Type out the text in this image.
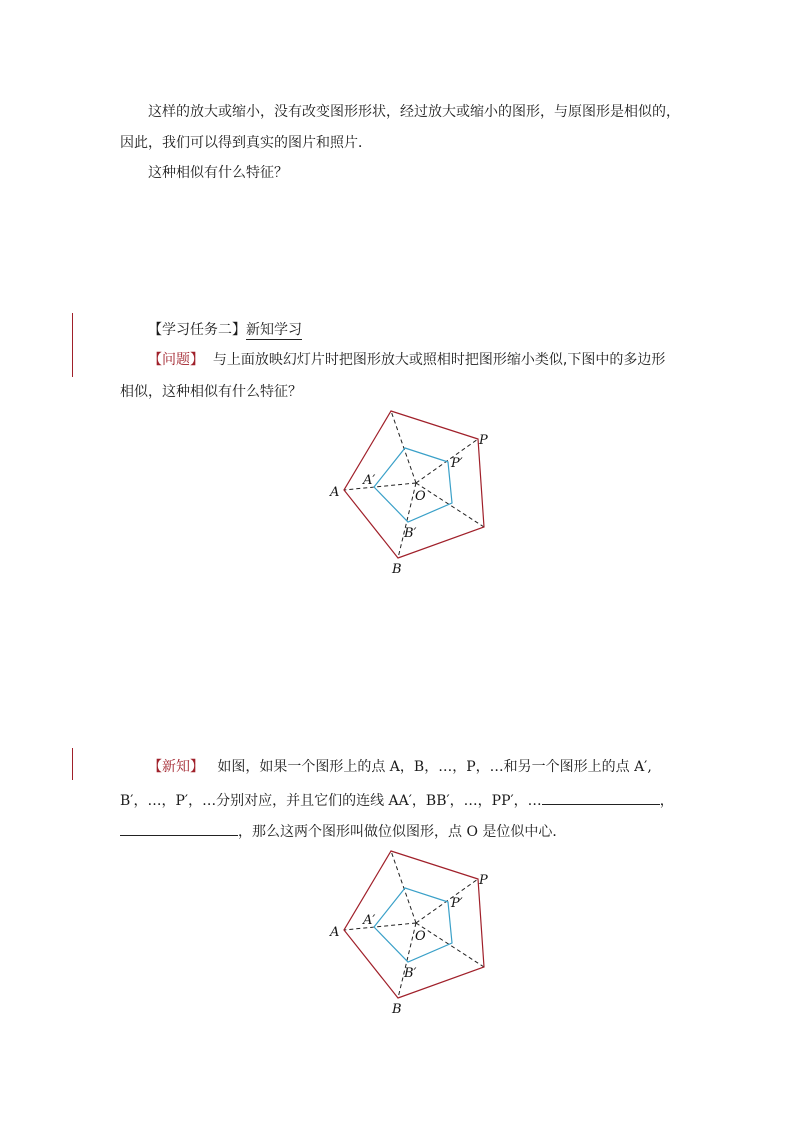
这样的放大或缩小，没有改变图形形状，经过放大或缩小的图形，与原图形是相似的，
因此，我们可以得到真实的图片和照片．
这种相似有什么特征？
【学习任务二】新知学习
【问题】 与上面放映幻灯片时把图形放大或照相时把图形缩小类似,下图中的多边形
相似，这种相似有什么特征？
A
B
P
A′
B′
P′
O
【新知】 如图，如果一个图形上的点 A，B，…，P，…和另一个图形上的点 A′,
B′，…，P′，…分别对应，并且它们的连线 AA′，BB′，…，PP′，…	，
，那么这两个图形叫做位似图形，点 O 是位似中心．
A
B
P
A′
B′
P′
O
